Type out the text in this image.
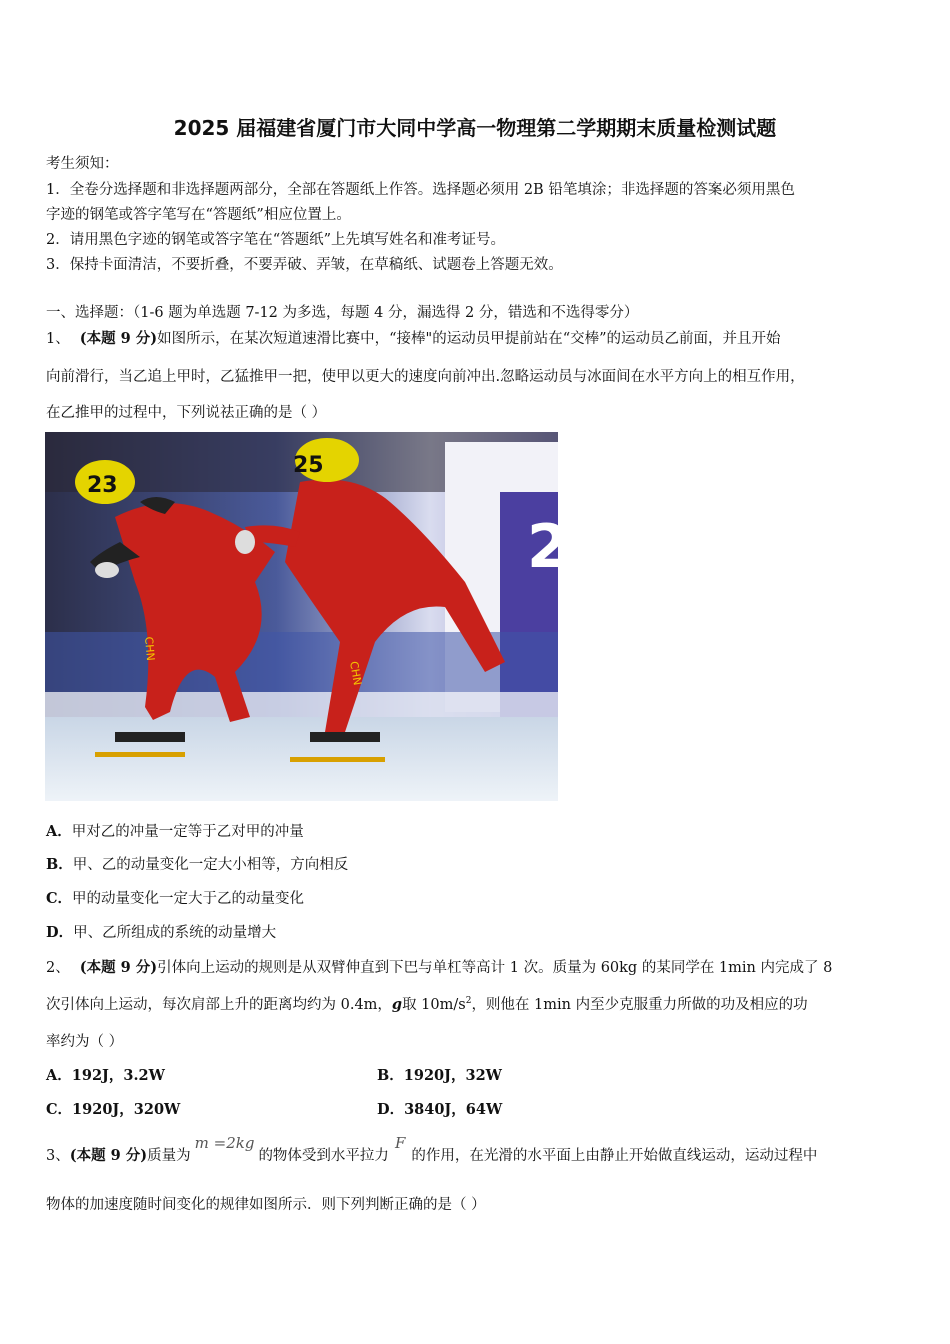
2025 届福建省厦门市大同中学高一物理第二学期期末质量检测试题
考生须知：
1．全卷分选择题和非选择题两部分，全部在答题纸上作答。选择题必须用 2B 铅笔填涂；非选择题的答案必须用黑色
字迹的钢笔或答字笔写在“答题纸”相应位置上。
2．请用黑色字迹的钢笔或答字笔在“答题纸”上先填写姓名和准考证号。
3．保持卡面清洁，不要折叠，不要弄破、弄皱，在草稿纸、试题卷上答题无效。
一、选择题：（1-6 题为单选题 7-12 为多选，每题 4 分，漏选得 2 分，错选和不选得零分）
1、 (本题 9 分)如图所示，在某次短道速滑比赛中，“接棒"的运动员甲提前站在“交棒”的运动员乙前面，并且开始
向前滑行，当乙追上甲时，乙猛推甲一把，使甲以更大的速度向前冲出.忽略运动员与冰面间在水平方向上的相互作用，
在乙推甲的过程中，下列说祛正确的是（ ）
2
23
25
CHN
CHN
A．甲对乙的冲量一定等于乙对甲的冲量
B．甲、乙的动量变化一定大小相等，方向相反
C．甲的动量变化一定大于乙的动量变化
D．甲、乙所组成的系统的动量增大
2、 (本题 9 分)引体向上运动的规则是从双臂伸直到下巴与单杠等高计 1 次。质量为 60kg 的某同学在 1min 内完成了 8
次引体向上运动，每次肩部上升的距离均约为 0.4m，g取 $10m/s^2$，则他在 1min 内至少克服重力所做的功及相应的功
率约为（ ）
A．192J，3.2W	B．1920J，32W
C．1920J，320W	D．3840J，64W
3、(本题 9 分)质量为m =2kg的物体受到水平拉力F的作用，在光滑的水平面上由静止开始做直线运动，运动过程中
物体的加速度随时间变化的规律如图所示．则下列判断正确的是（ ）
